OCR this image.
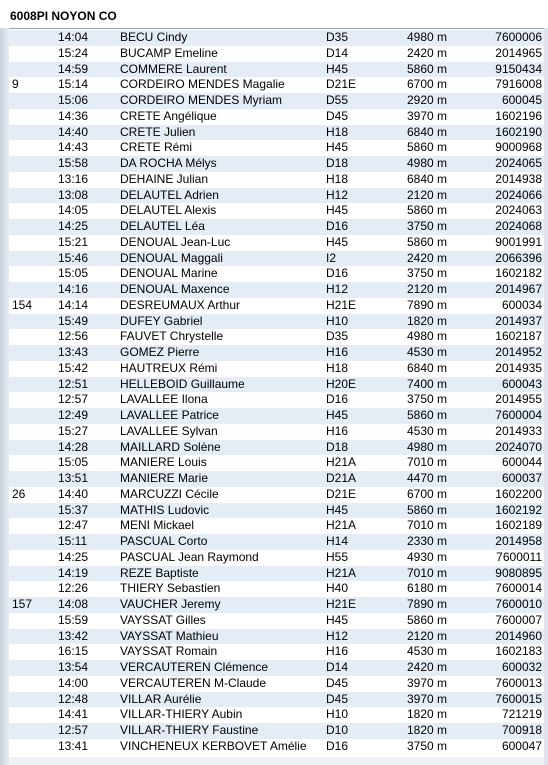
6008PI NOYON CO
14:04	BECU Cindy	D35	4980 m	7600006
15:24	BUCAMP Emeline	D14	2420 m	2014965
14:59	COMMERE Laurent	H45	5860 m	9150434
9	15:14	CORDEIRO MENDES Magalie	D21E	6700 m	7916008
15:06	CORDEIRO MENDES Myriam	D55	2920 m	600045
14:36	CRETE Angélique	D45	3970 m	1602196
14:40	CRETE Julien	H18	6840 m	1602190
14:43	CRETE Rémi	H45	5860 m	9000968
15:58	DA ROCHA Mélys	D18	4980 m	2024065
13:16	DEHAINE Julian	H18	6840 m	2014938
13:08	DELAUTEL Adrien	H12	2120 m	2024066
14:05	DELAUTEL Alexis	H45	5860 m	2024063
14:25	DELAUTEL Léa	D16	3750 m	2024068
15:21	DENOUAL Jean-Luc	H45	5860 m	9001991
15:46	DENOUAL Maggali	I2	2420 m	2066396
15:05	DENOUAL Marine	D16	3750 m	1602182
14:16	DENOUAL Maxence	H12	2120 m	2014967
154 14:14	DESREUMAUX Arthur	H21E	7890 m	600034
15:49	DUFEY Gabriel	H10	1820 m	2014937
12:56	FAUVET Chrystelle	D35	4980 m	1602187
13:43	GOMEZ Pierre	H16	4530 m	2014952
15:42	HAUTREUX Rémi	H18	6840 m	2014935
12:51	HELLEBOID Guillaume	H20E	7400 m	600043
12:57	LAVALLEE Ilona	D16	3750 m	2014955
12:49	LAVALLEE Patrice	H45	5860 m	7600004
15:27	LAVALLEE Sylvan	H16	4530 m	2014933
14:28	MAILLARD Solène	D18	4980 m	2024070
15:05	MANIERE Louis	H21A	7010 m	600044
13:51	MANIERE Marie	D21A	4470 m	600037
26	14:40	MARCUZZI Cécile	D21E	6700 m	1602200
15:37	MATHIS Ludovic	H45	5860 m	1602192
12:47	MENI Mickael	H21A	7010 m	1602189
15:11	PASCUAL Corto	H14	2330 m	2014958
14:25	PASCUAL Jean Raymond	H55	4930 m	7600011
14:19	REZE Baptiste	H21A	7010 m	9080895
12:26	THIERY Sebastien	H40	6180 m	7600014
157 14:08	VAUCHER Jeremy	H21E	7890 m	7600010
15:59	VAYSSAT Gilles	H45	5860 m	7600007
13:42	VAYSSAT Mathieu	H12	2120 m	2014960
16:15	VAYSSAT Romain	H16	4530 m	1602183
13:54	VERCAUTEREN Clémence	D14	2420 m	600032
14:00	VERCAUTEREN M-Claude	D45	3970 m	7600013
12:48	VILLAR Aurélie	D45	3970 m	7600015
14:41	VILLAR-THIERY Aubin	H10	1820 m	721219
12:57	VILLAR-THIERY Faustine	D10	1820 m	700918
13:41	VINCHENEUX KERBOVET Amélie D16	3750 m	600047
